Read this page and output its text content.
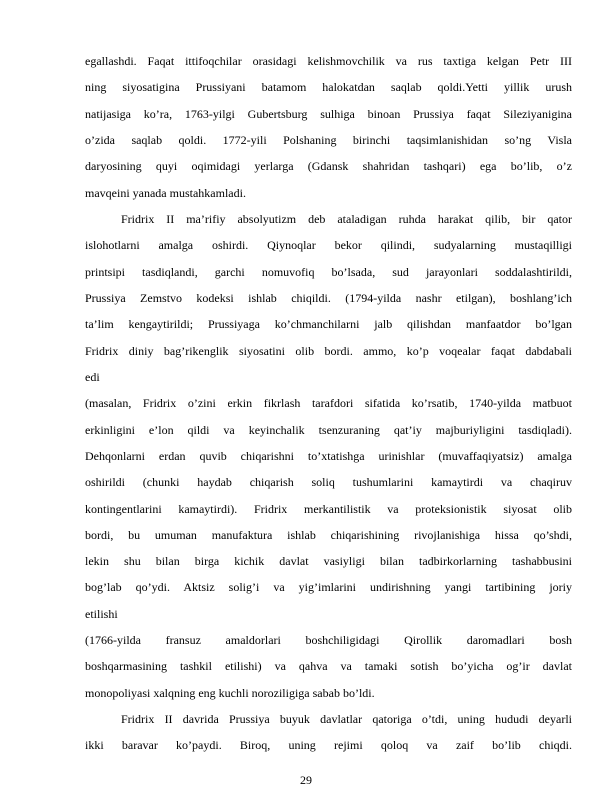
egallashdi. Faqat ittifoqchilar orasidagi kelishmovchilik va rus taxtiga kelgan Petr III
ning siyosatigina Prussiyani batamom halokatdan saqlab qoldi.Yetti yillik urush
natijasiga ko’ra, 1763-yilgi Gubertsburg sulhiga binoan Prussiya faqat Sileziyanigina
o’zida saqlab qoldi. 1772-yili Polshaning birinchi taqsimlanishidan so’ng Visla
daryosining quyi oqimidagi yerlarga (Gdansk shahridan tashqari) ega bo’lib, o’z
mavqeini yanada mustahkamladi.
Fridrix II ma’rifiy absolyutizm deb ataladigan ruhda harakat qilib, bir qator
islohotlarni amalga oshirdi. Qiynoqlar bekor qilindi, sudyalarning mustaqilligi
printsipi tasdiqlandi, garchi nomuvofiq bo’lsada, sud jarayonlari soddalashtirildi,
Prussiya Zemstvo kodeksi ishlab chiqildi. (1794-yilda nashr etilgan), boshlang’ich
ta’lim kengaytirildi; Prussiyaga ko’chmanchilarni jalb qilishdan manfaatdor bo’lgan
Fridrix diniy bag’rikenglik siyosatini olib bordi. ammo, ko’p voqealar faqat dabdabali
edi
(masalan, Fridrix o’zini erkin fikrlash tarafdori sifatida ko’rsatib, 1740-yilda matbuot
erkinligini e’lon qildi va keyinchalik tsenzuraning qat’iy majburiyligini tasdiqladi).
Dehqonlarni erdan quvib chiqarishni to’xtatishga urinishlar (muvaffaqiyatsiz) amalga
oshirildi (chunki haydab chiqarish soliq tushumlarini kamaytirdi va chaqiruv
kontingentlarini kamaytirdi). Fridrix merkantilistik va proteksionistik siyosat olib
bordi, bu umuman manufaktura ishlab chiqarishining rivojlanishiga hissa qo’shdi,
lekin shu bilan birga kichik davlat vasiyligi bilan tadbirkorlarning tashabbusini
bog’lab qo’ydi. Aktsiz solig’i va yig’imlarini undirishning yangi tartibining joriy
etilishi
(1766-yilda fransuz amaldorlari boshchiligidagi Qirollik daromadlari bosh
boshqarmasining tashkil etilishi) va qahva va tamaki sotish bo’yicha og’ir davlat
monopoliyasi xalqning eng kuchli noroziligiga sabab bo’ldi.
Fridrix II davrida Prussiya buyuk davlatlar qatoriga o’tdi, uning hududi deyarli
ikki baravar ko’paydi. Biroq, uning rejimi qoloq va zaif bo’lib chiqdi.
29
